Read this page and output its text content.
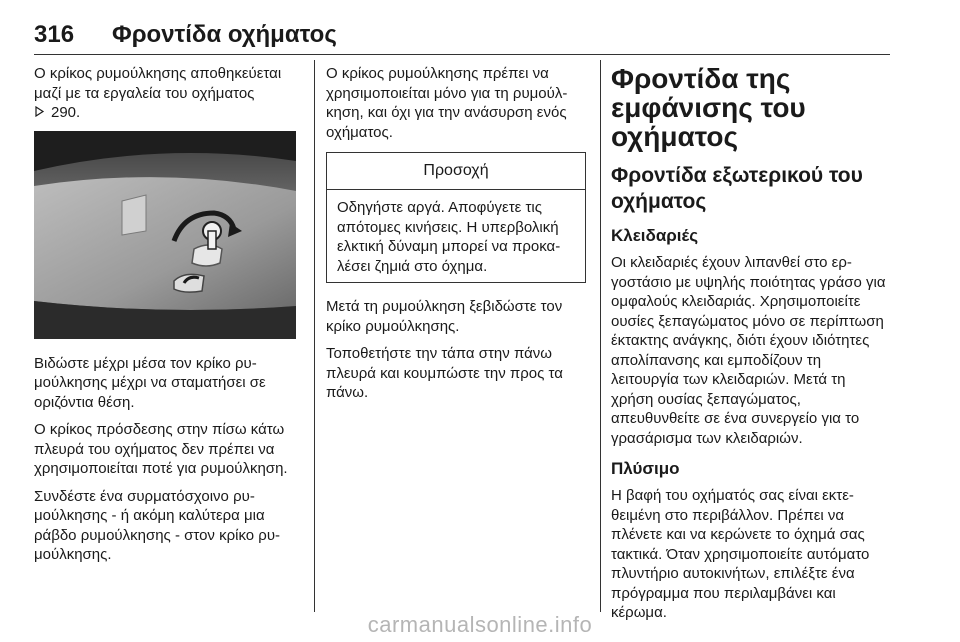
316 Φροντίδα οχήματος

Ο κρίκος ρυμούλκησης αποθηκεύεται μαζί με τα εργαλεία του οχήματος

290.

Βιδώστε μέχρι μέσα τον κρίκο ρυμούλκησης μέχρι να σταματήσει σε οριζόντια θέση.

Ο κρίκος πρόσδεσης στην πίσω κάτω πλευρά του οχήματος δεν πρέπει να χρησιμοποιείται ποτέ για ρυμούλκηση.

Συνδέστε ένα συρματόσχοινο ρυμούλκησης - ή ακόμη καλύτερα μια ράβδο ρυμούλκησης - στον κρίκο ρυμούλκησης.

Ο κρίκος ρυμούλκησης πρέπει να χρησιμοποιείται μόνο για τη ρυμούλκηση, και όχι για την ανάσυρση ενός οχήματος.

Προσοχή

Οδηγήστε αργά. Αποφύγετε τις απότομες κινήσεις. Η υπερβολική ελκτική δύναμη μπορεί να προκαλέσει ζημιά στο όχημα.

Μετά τη ρυμούλκηση ξεβιδώστε τον κρίκο ρυμούλκησης.

Τοποθετήστε την τάπα στην πάνω πλευρά και κουμπώστε την προς τα πάνω.

Φροντίδα της εμφάνισης του οχήματος
Φροντίδα εξωτερικού του οχήματος
Κλειδαριές

Οι κλειδαριές έχουν λιπανθεί στο εργοστάσιο με υψηλής ποιότητας γράσο για ομφαλούς κλειδαριάς. Χρησιμοποιείτε ουσίες ξεπαγώματος μόνο σε περίπτωση έκτακτης ανάγκης, διότι έχουν ιδιότητες απολίπανσης και εμποδίζουν τη λειτουργία των κλειδαριών. Μετά τη χρήση ουσίας ξεπαγώματος, απευθυνθείτε σε ένα συνεργείο για το γρασάρισμα των κλειδαριών.

Πλύσιμο

Η βαφή του οχήματός σας είναι εκτεθειμένη στο περιβάλλον. Πρέπει να πλένετε και να κερώνετε το όχημά σας τακτικά. Όταν χρησιμοποιείτε αυτόματο πλυντήριο αυτοκινήτων, επιλέξτε ένα πρόγραμμα που περιλαμβάνει και κέρωμα.

carmanualsonline.info
